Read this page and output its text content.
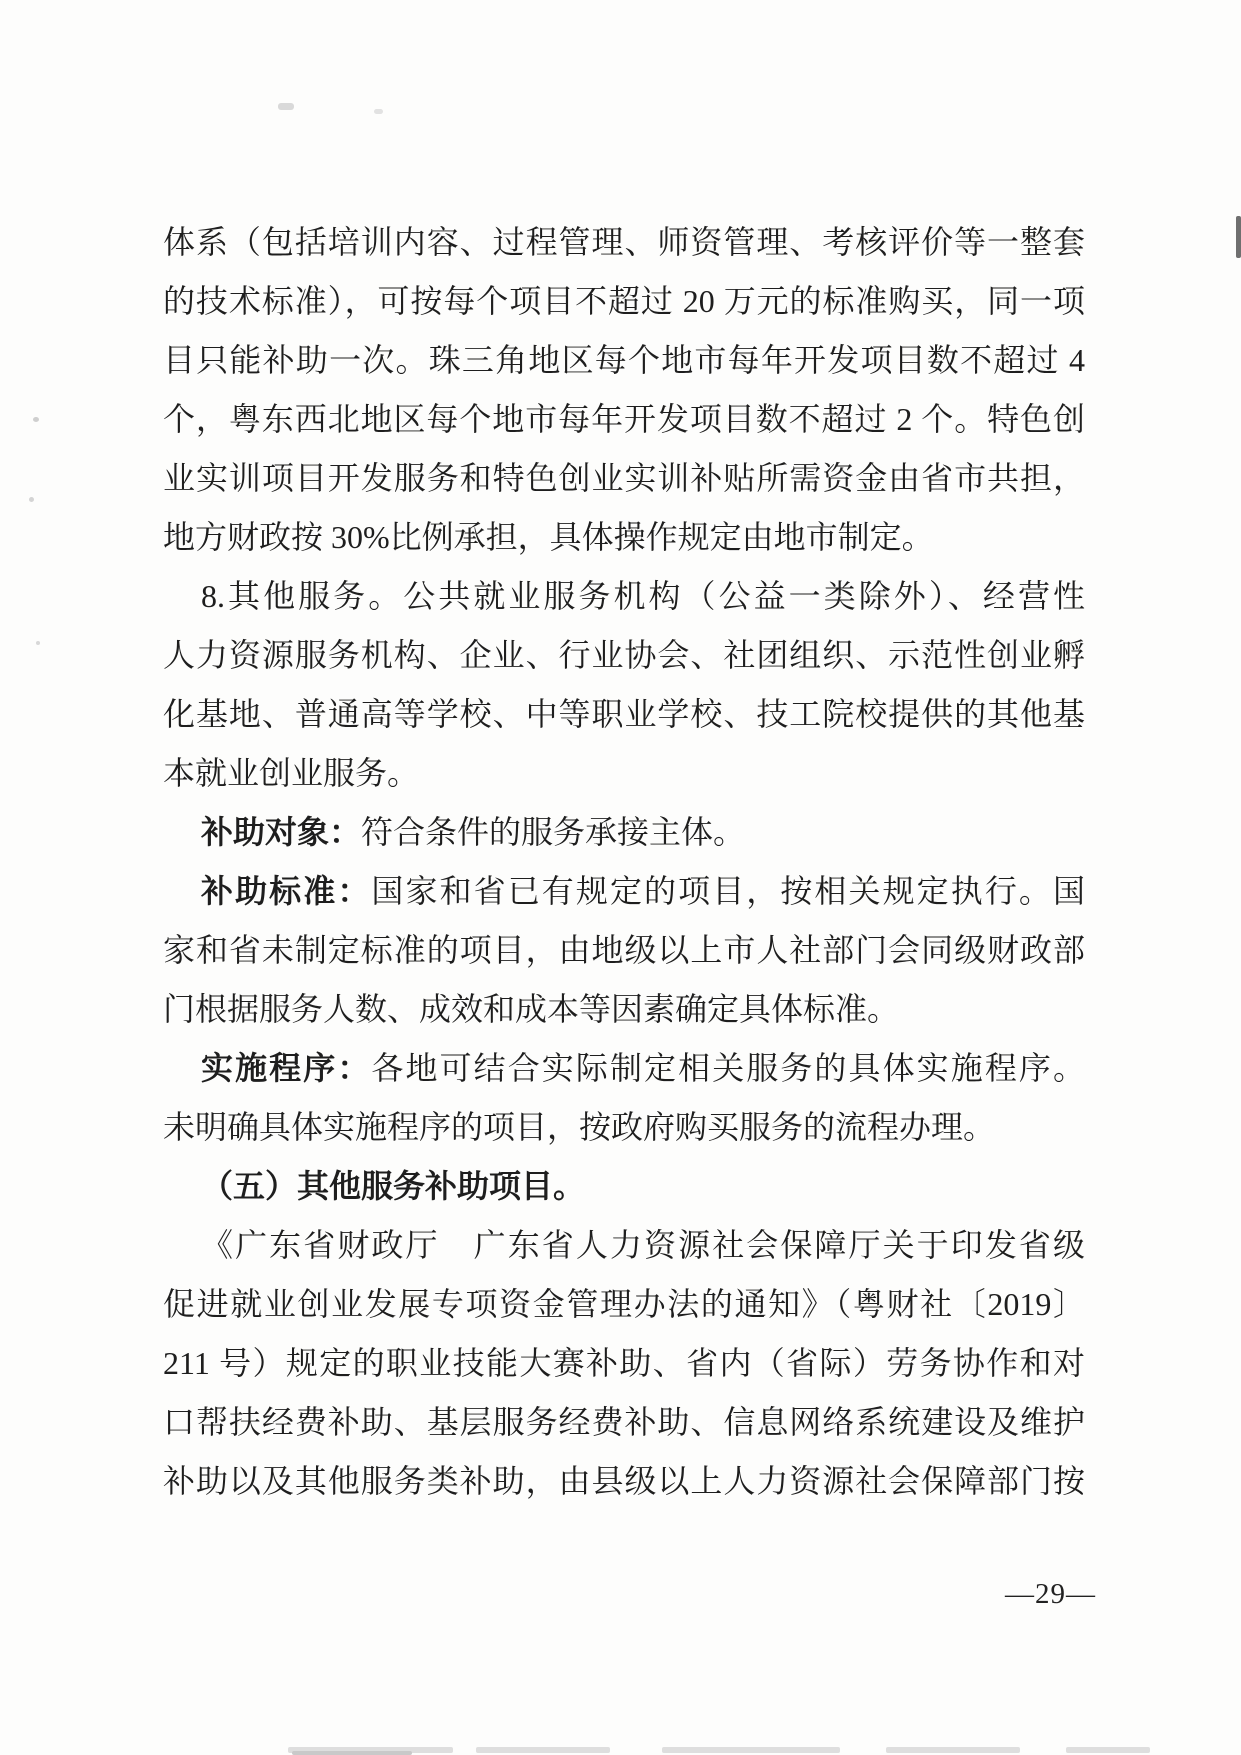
体系（包括培训内容、过程管理、师资管理、考核评价等一整套
的技术标准），可按每个项目不超过 20 万元的标准购买，同一项
目只能补助一次。珠三角地区每个地市每年开发项目数不超过 4
个，粤东西北地区每个地市每年开发项目数不超过 2 个。特色创
业实训项目开发服务和特色创业实训补贴所需资金由省市共担，
地方财政按 30%比例承担，具体操作规定由地市制定。
8.其他服务。公共就业服务机构（公益一类除外）、经营性
人力资源服务机构、企业、行业协会、社团组织、示范性创业孵
化基地、普通高等学校、中等职业学校、技工院校提供的其他基
本就业创业服务。
补助对象：符合条件的服务承接主体。
补助标准：国家和省已有规定的项目，按相关规定执行。国
家和省未制定标准的项目，由地级以上市人社部门会同级财政部
门根据服务人数、成效和成本等因素确定具体标准。
实施程序：各地可结合实际制定相关服务的具体实施程序。
未明确具体实施程序的项目，按政府购买服务的流程办理。
（五）其他服务补助项目。
《广东省财政厅　广东省人力资源社会保障厅关于印发省级
促进就业创业发展专项资金管理办法的通知》（粤财社〔2019〕
211 号）规定的职业技能大赛补助、省内（省际）劳务协作和对
口帮扶经费补助、基层服务经费补助、信息网络系统建设及维护
补助以及其他服务类补助，由县级以上人力资源社会保障部门按
—29—
